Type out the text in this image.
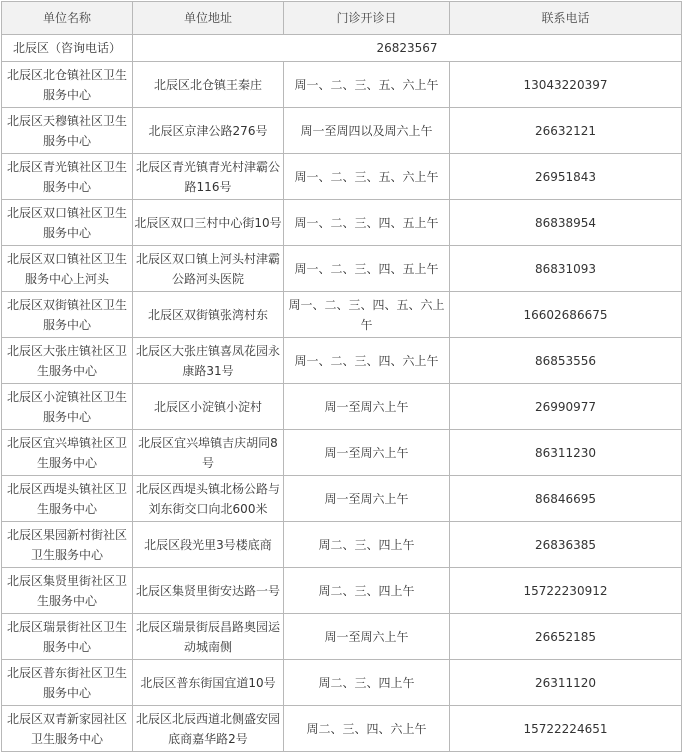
单位名称	单位地址	门诊开诊日	联系电话
北辰区（咨询电话）	26823567		
北辰区北仓镇社区卫生服务中心	北辰区北仓镇王秦庄	周一、二、三、五、六上午	13043220397
北辰区天穆镇社区卫生服务中心	北辰区京津公路276号	周一至周四以及周六上午	26632121
北辰区青光镇社区卫生服务中心	北辰区青光镇青光村津霸公路116号	周一、二、三、五、六上午	26951843
北辰区双口镇社区卫生服务中心	北辰区双口三村中心街10号	周一、二、三、四、五上午	86838954
北辰区双口镇社区卫生服务中心上河头	北辰区双口镇上河头村津霸公路河头医院	周一、二、三、四、五上午	86831093
北辰区双街镇社区卫生服务中心	北辰区双街镇张湾村东	周一、二、三、四、五、六上午	16602686675
北辰区大张庄镇社区卫生服务中心	北辰区大张庄镇喜凤花园永康路31号	周一、二、三、四、六上午	86853556
北辰区小淀镇社区卫生服务中心	北辰区小淀镇小淀村	周一至周六上午	26990977
北辰区宜兴埠镇社区卫生服务中心	北辰区宜兴埠镇吉庆胡同8号	周一至周六上午	86311230
北辰区西堤头镇社区卫生服务中心	北辰区西堤头镇北杨公路与刘东街交口向北600米	周一至周六上午	86846695
北辰区果园新村街社区卫生服务中心	北辰区段光里3号楼底商	周二、三、四上午	26836385
北辰区集贤里街社区卫生服务中心	北辰区集贤里街安达路一号	周二、三、四上午	15722230912
北辰区瑞景街社区卫生服务中心	北辰区瑞景街辰昌路奥园运动城南侧	周一至周六上午	26652185
北辰区普东街社区卫生服务中心	北辰区普东街国宜道10号	周二、三、四上午	26311120
北辰区双青新家园社区卫生服务中心	北辰区北辰西道北侧盛安园底商嘉华路2号	周二、三、四、六上午	15722224651
